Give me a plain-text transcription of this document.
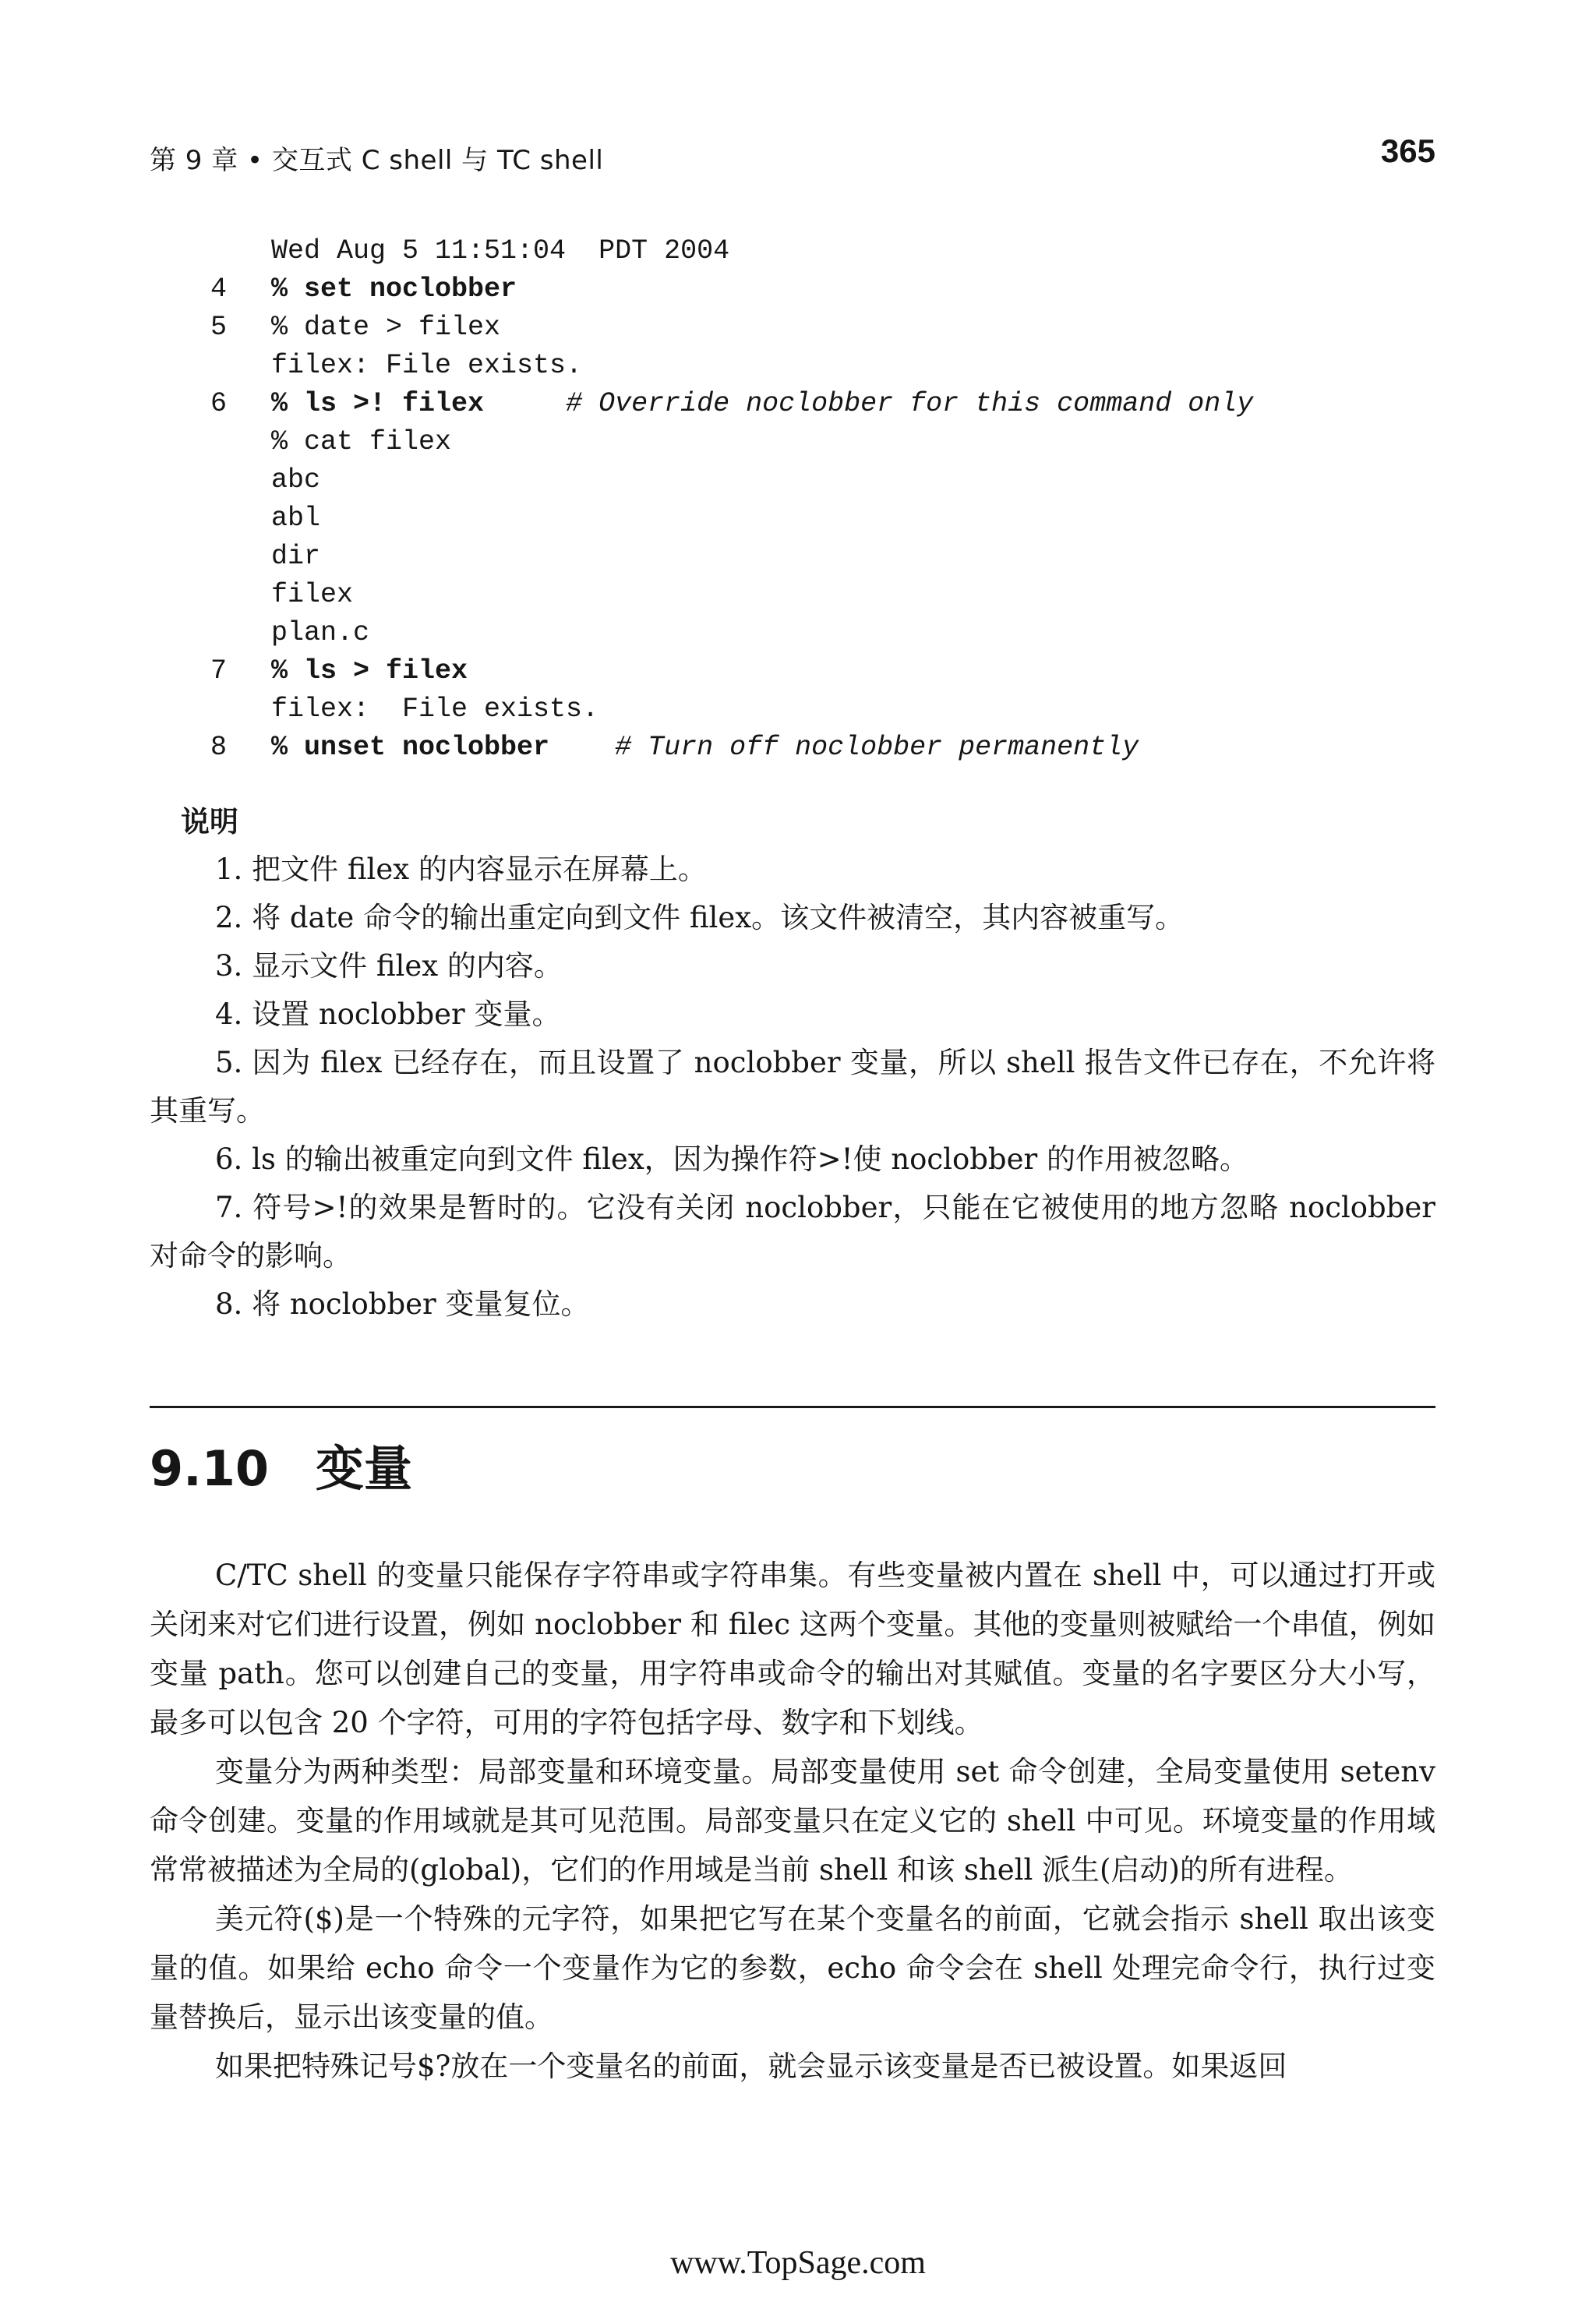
第 9 章 • 交互式 C shell 与 TC shell	365
Wed Aug 5 11:51:04  PDT 2004
4 % set noclobber
5 % date > filex
filex: File exists.
6 % ls >! filex	# Override noclobber for this command only
% cat filex
abc
abl
dir
filex
plan.c
7 % ls > filex
filex:  File exists.
8 % unset noclobber # Turn off noclobber permanently
说明

1. 把文件 filex 的内容显示在屏幕上。

2. 将 date 命令的输出重定向到文件 filex。该文件被清空，其内容被重写。

3. 显示文件 filex 的内容。

4. 设置 noclobber 变量。

5. 因为 filex 已经存在，而且设置了 noclobber 变量，所以 shell 报告文件已存在，不允许将其重写。

6. ls 的输出被重定向到文件 filex，因为操作符>!使 noclobber 的作用被忽略。

7. 符号>!的效果是暂时的。它没有关闭 noclobber，只能在它被使用的地方忽略 noclobber 对命令的影响。

8. 将 noclobber 变量复位。

9.10 变量

C/TC shell 的变量只能保存字符串或字符串集。有些变量被内置在 shell 中，可以通过打开或关闭来对它们进行设置，例如 noclobber 和 filec 这两个变量。其他的变量则被赋给一个串值，例如变量 path。您可以创建自己的变量，用字符串或命令的输出对其赋值。变量的名字要区分大小写，最多可以包含 20 个字符，可用的字符包括字母、数字和下划线。

变量分为两种类型：局部变量和环境变量。局部变量使用 set 命令创建，全局变量使用 setenv 命令创建。变量的作用域就是其可见范围。局部变量只在定义它的 shell 中可见。环境变量的作用域常常被描述为全局的(global)，它们的作用域是当前 shell 和该 shell 派生(启动)的所有进程。

美元符($)是一个特殊的元字符，如果把它写在某个变量名的前面，它就会指示 shell 取出该变量的值。如果给 echo 命令一个变量作为它的参数，echo 命令会在 shell 处理完命令行，执行过变量替换后，显示出该变量的值。

如果把特殊记号$?放在一个变量名的前面，就会显示该变量是否已被设置。如果返回

www.TopSage.com
